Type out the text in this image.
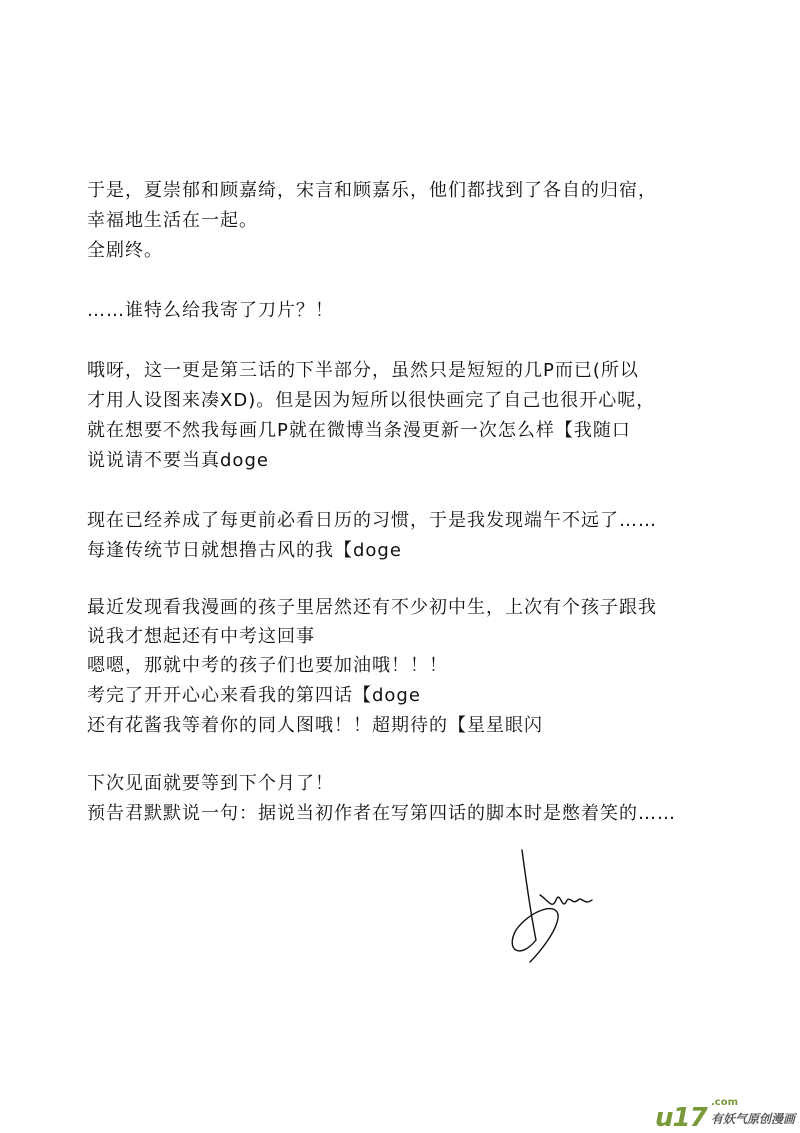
于是，夏崇郁和顾嘉绮，宋言和顾嘉乐，他们都找到了各自的归宿，
幸福地生活在一起。
全剧终。
……谁特么给我寄了刀片？！
哦呀，这一更是第三话的下半部分，虽然只是短短的几P而已(所以
才用人设图来凑XD)。但是因为短所以很快画完了自己也很开心呢，
就在想要不然我每画几P就在微博当条漫更新一次怎么样【我随口
说说请不要当真doge
现在已经养成了每更前必看日历的习惯，于是我发现端午不远了……
每逢传统节日就想撸古风的我【doge
最近发现看我漫画的孩子里居然还有不少初中生，上次有个孩子跟我
说我才想起还有中考这回事
嗯嗯，那就中考的孩子们也要加油哦！！！
考完了开开心心来看我的第四话【doge
还有花酱我等着你的同人图哦！！超期待的【星星眼闪
下次见面就要等到下个月了！
预告君默默说一句：据说当初作者在写第四话的脚本时是憋着笑的……
u17
.com
有妖气原创漫画
